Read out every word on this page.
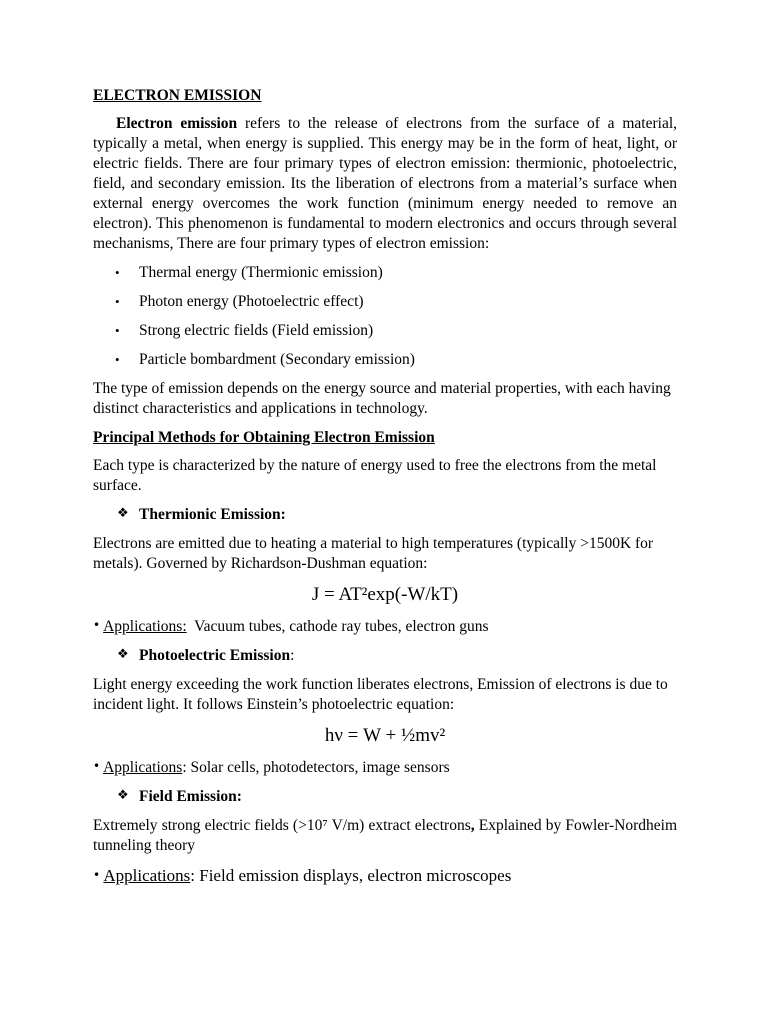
ELECTRON EMISSION

Electron emission refers to the release of electrons from the surface of a material, typically a metal, when energy is supplied. This energy may be in the form of heat, light, or electric fields. There are four primary types of electron emission: thermionic, photoelectric, field, and secondary emission. Its the liberation of electrons from a material’s surface when external energy overcomes the work function (minimum energy needed to remove an electron). This phenomenon is fundamental to modern electronics and occurs through several mechanisms, There are four primary types of electron emission:

• Thermal energy (Thermionic emission)
• Photon energy (Photoelectric effect)
• Strong electric fields (Field emission)
• Particle bombardment (Secondary emission)

The type of emission depends on the energy source and material properties, with each having distinct characteristics and applications in technology.

Principal Methods for Obtaining Electron Emission

Each type is characterized by the nature of energy used to free the electrons from the metal surface.

❖ Thermionic Emission:

Electrons are emitted due to heating a material to high temperatures (typically >1500K for metals). Governed by Richardson-Dushman equation:

J = AT²exp(-W/kT)

• Applications:  Vacuum tubes, cathode ray tubes, electron guns

❖ Photoelectric Emission:

Light energy exceeding the work function liberates electrons, Emission of electrons is due to incident light. It follows Einstein’s photoelectric equation:

hν = W + ½mv²

• Applications: Solar cells, photodetectors, image sensors

❖ Field Emission:

Extremely strong electric fields (>10⁷ V/m) extract electrons, Explained by Fowler-Nordheim tunneling theory

• Applications: Field emission displays, electron microscopes
